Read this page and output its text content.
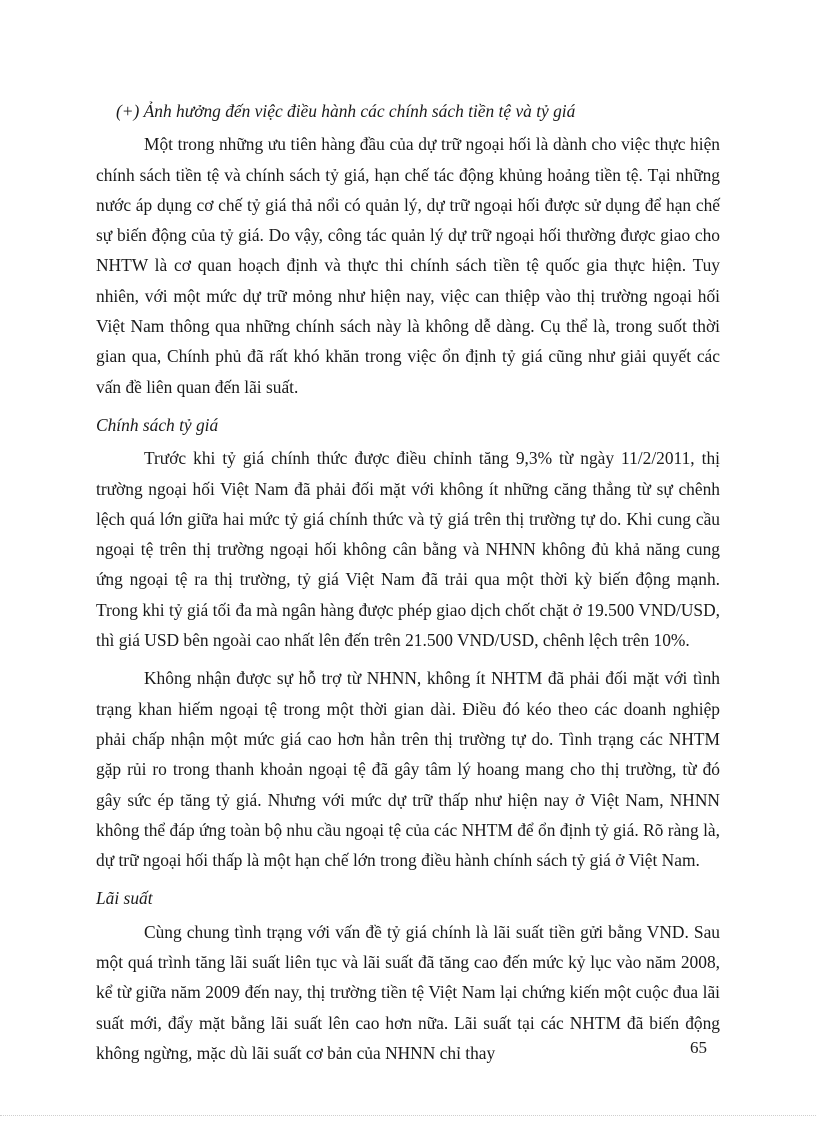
(+) Ảnh hưởng đến việc điều hành các chính sách tiền tệ và tỷ giá

Một trong những ưu tiên hàng đầu của dự trữ ngoại hối là dành cho việc thực hiện chính sách tiền tệ và chính sách tỷ giá, hạn chế tác động khủng hoảng tiền tệ. Tại những nước áp dụng cơ chế tỷ giá thả nổi có quản lý, dự trữ ngoại hối được sử dụng để hạn chế sự biến động của tỷ giá. Do vậy, công tác quản lý dự trữ ngoại hối thường được giao cho NHTW là cơ quan hoạch định và thực thi chính sách tiền tệ quốc gia thực hiện. Tuy nhiên, với một mức dự trữ mỏng như hiện nay, việc can thiệp vào thị trường ngoại hối Việt Nam thông qua những chính sách này là không dễ dàng. Cụ thể là, trong suốt thời gian qua, Chính phủ đã rất khó khăn trong việc ổn định tỷ giá cũng như giải quyết các vấn đề liên quan đến lãi suất.

Chính sách tỷ giá

Trước khi tỷ giá chính thức được điều chỉnh tăng 9,3% từ ngày 11/2/2011, thị trường ngoại hối Việt Nam đã phải đối mặt với không ít những căng thẳng từ sự chênh lệch quá lớn giữa hai mức tỷ giá chính thức và tỷ giá trên thị trường tự do. Khi cung cầu ngoại tệ trên thị trường ngoại hối không cân bằng và NHNN không đủ khả năng cung ứng ngoại tệ ra thị trường, tỷ giá Việt Nam đã trải qua một thời kỳ biến động mạnh. Trong khi tỷ giá tối đa mà ngân hàng được phép giao dịch chốt chặt ở 19.500 VND/USD, thì giá USD bên ngoài cao nhất lên đến trên 21.500 VND/USD, chênh lệch trên 10%.

Không nhận được sự hỗ trợ từ NHNN, không ít NHTM đã phải đối mặt với tình trạng khan hiếm ngoại tệ trong một thời gian dài. Điều đó kéo theo các doanh nghiệp phải chấp nhận một mức giá cao hơn hẳn trên thị trường tự do. Tình trạng các NHTM gặp rủi ro trong thanh khoản ngoại tệ đã gây tâm lý hoang mang cho thị trường, từ đó gây sức ép tăng tỷ giá. Nhưng với mức dự trữ thấp như hiện nay ở Việt Nam, NHNN không thể đáp ứng toàn bộ nhu cầu ngoại tệ của các NHTM để ổn định tỷ giá. Rõ ràng là, dự trữ ngoại hối thấp là một hạn chế lớn trong điều hành chính sách tỷ giá ở Việt Nam.

Lãi suất

Cùng chung tình trạng với vấn đề tỷ giá chính là lãi suất tiền gửi bằng VND. Sau một quá trình tăng lãi suất liên tục và lãi suất đã tăng cao đến mức kỷ lục vào năm 2008, kể từ giữa năm 2009 đến nay, thị trường tiền tệ Việt Nam lại chứng kiến một cuộc đua lãi suất mới, đẩy mặt bằng lãi suất lên cao hơn nữa. Lãi suất tại các NHTM đã biến động không ngừng, mặc dù lãi suất cơ bản của NHNN chỉ thay	65
